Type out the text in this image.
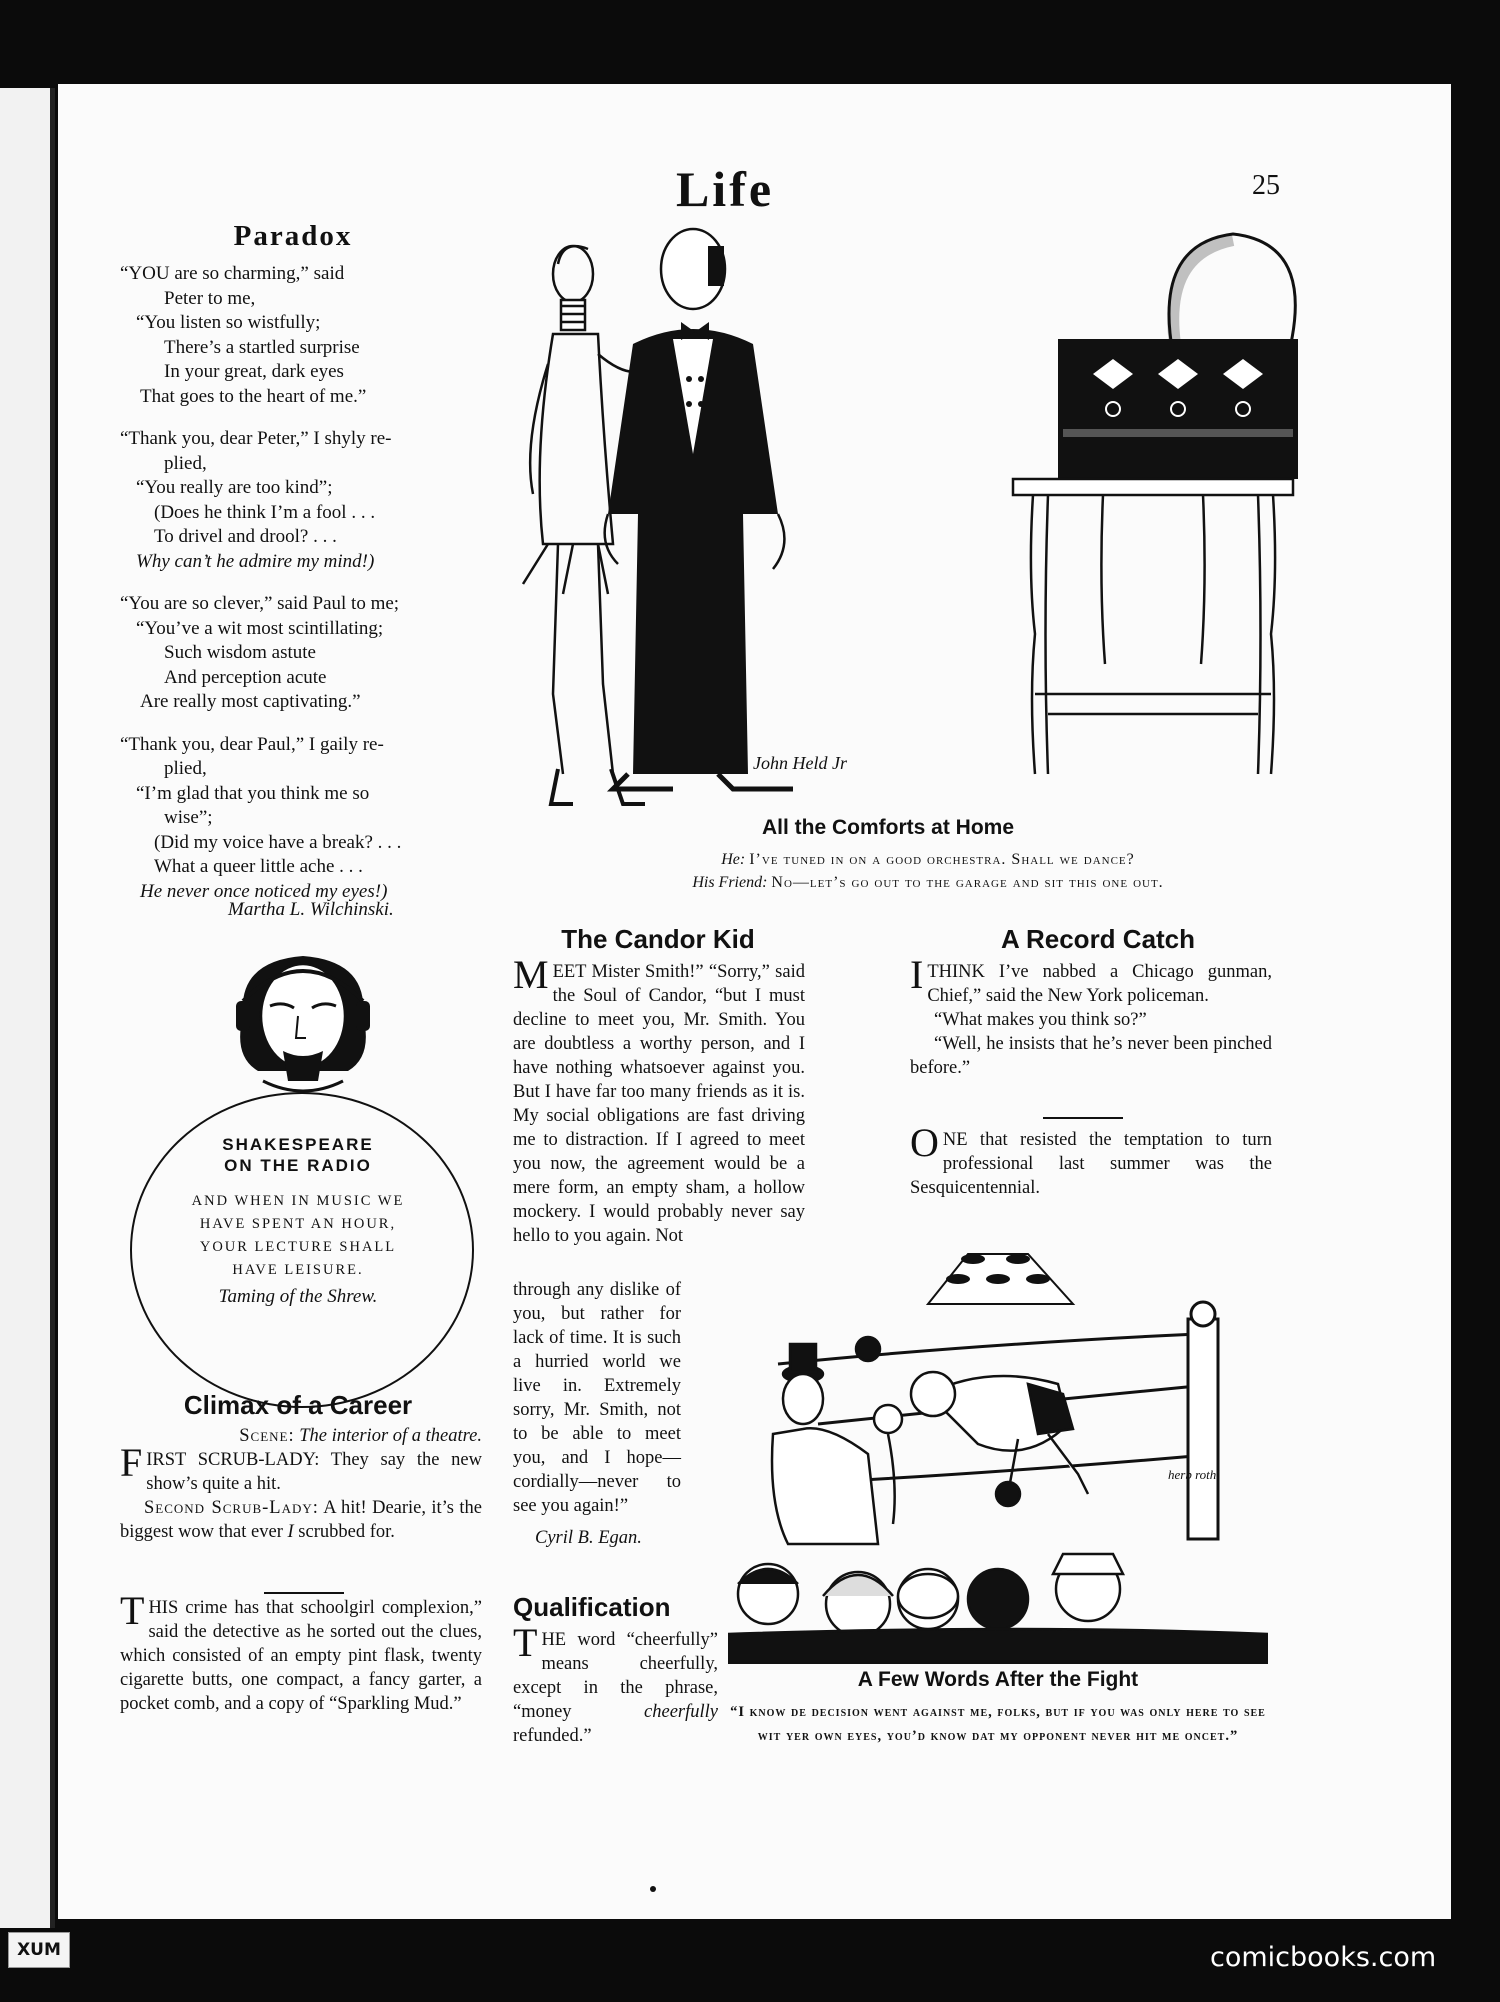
Life	25
Paradox
“YOU are so charming,” said
Peter to me,
“You listen so wistfully;
There’s a startled surprise
In your great, dark eyes
That goes to the heart of me.”
“Thank you, dear Peter,” I shyly re-
plied,
“You really are too kind”;
(Does he think I’m a fool . . .
To drivel and drool? . . .
Why can’t he admire my mind!)
“You are so clever,” said Paul to me;
“You’ve a wit most scintillating;
Such wisdom astute
And perception acute
Are really most captivating.”
“Thank you, dear Paul,” I gaily re-
plied,
“I’m glad that you think me so
wise”;
(Did my voice have a break? . . .
What a queer little ache . . .
He never once noticed my eyes!)
Martha L. Wilchinski.
John Held Jr
All the Comforts at Home
He: I’ve tuned in on a good orchestra. Shall we dance?
His Friend: No—let’s go out to the garage and sit this one out.
The Candor Kid
MEET Mister Smith!” “Sorry,” said the Soul of Candor, “but I must decline to meet you, Mr. Smith. You are doubtless a worthy person, and I have nothing whatsoever against you. But I have far too many friends as it is. My social obligations are fast driving me to distraction. If I agreed to meet you now, the agreement would be a mere form, an empty sham, a hollow mockery. I would probably never say hello to you again. Not
through any dislike of you, but rather for lack of time. It is such a hurried world we live in. Extremely sorry, Mr. Smith, not to be able to meet you, and I hope—cordially—never to see you again!”
Cyril B. Egan.
A Record Catch
ITHINK I’ve nabbed a Chicago gunman, Chief,” said the New York policeman.
“What makes you think so?”
“Well, he insists that he’s never been pinched before.”
ONE that resisted the temptation to turn professional last summer was the Sesquicentennial.
SHAKESPEARE
ON THE RADIO
AND WHEN IN MUSIC WE
HAVE SPENT AN HOUR,
YOUR LECTURE SHALL
HAVE LEISURE.
Taming of the Shrew.
Climax of a Career
Scene: The interior of a theatre.
FIRST SCRUB-LADY: They say the new show’s quite a hit.
Second Scrub-Lady: A hit! Dearie, it’s the biggest wow that ever I scrubbed for.
THIS crime has that schoolgirl complexion,” said the detective as he sorted out the clues, which consisted of an empty pint flask, twenty cigarette butts, one compact, a fancy garter, a pocket comb, and a copy of “Sparkling Mud.”
Qualification
THE word “cheerfully” means cheerfully, except in the phrase, “money	cheerfully refunded.”
herb roth
A Few Words After the Fight
“I know de decision went against me, folks, but if you was only here to see wit yer own eyes, you’d know dat my opponent never hit me oncet.”
XUM	comicbooks.com
